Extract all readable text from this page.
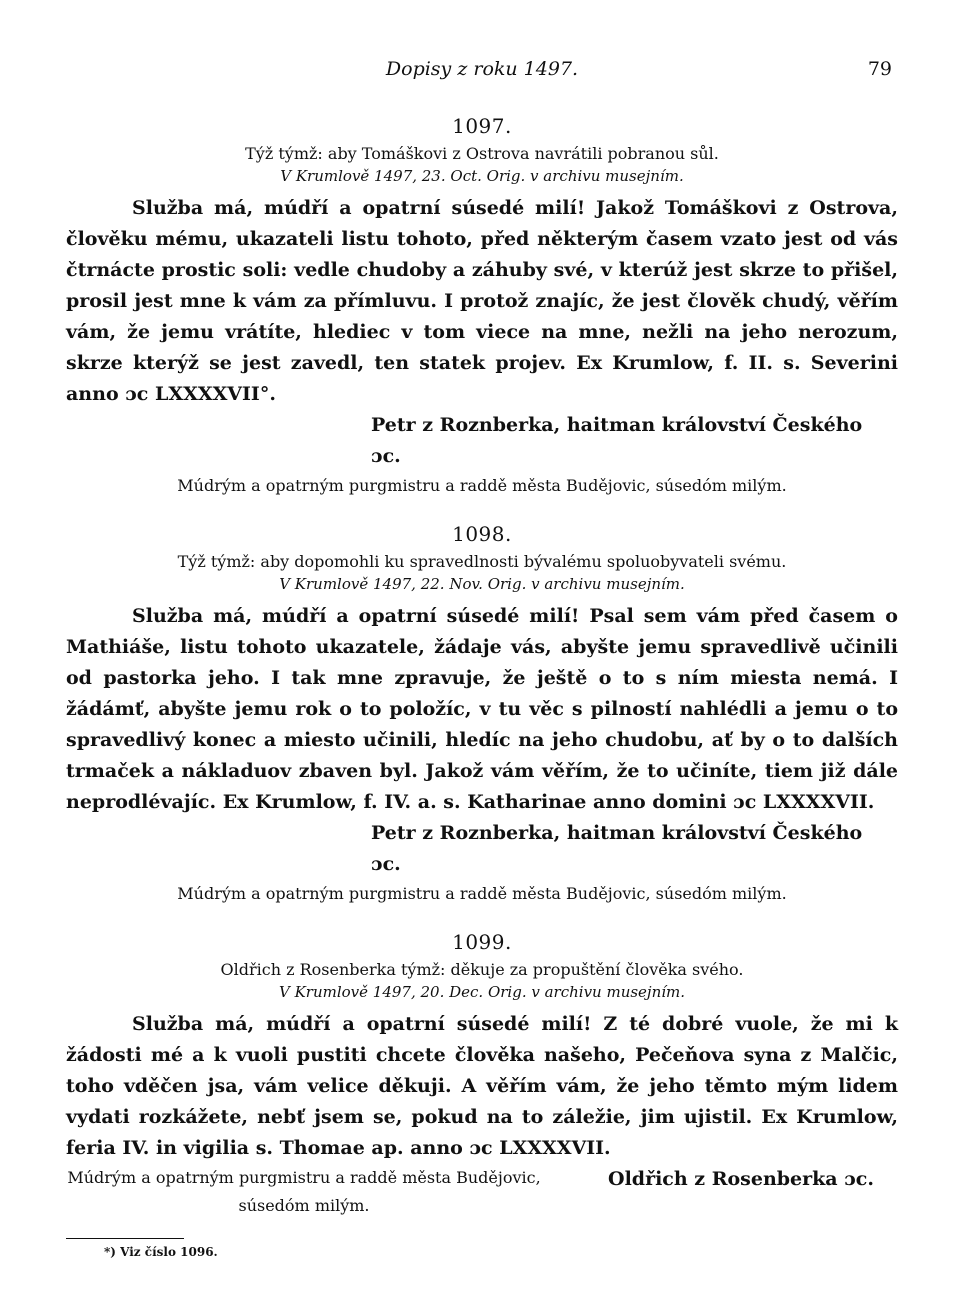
Dopisy z roku 1497.	79
1097.
Týž týmž: aby Tomáškovi z Ostrova navrátili pobranou sůl.
V Krumlově 1497, 23. Oct. Orig. v archivu musejním.

Služba má, múdří a opatrní súsedé milí! Jakož Tomáškovi z Ostrova, člověku mému, ukazateli listu tohoto, před některým časem vzato jest od vás čtrnácte prostic soli: vedle chudoby a záhuby své, v kterúž jest skrze to přišel, prosil jest mne k vám za přímluvu. I protož znajíc, že jest člověk chudý, věřím vám, že jemu vrátíte, hlediec v tom viece na mne, nežli na jeho nerozum, skrze kterýž se jest zavedl, ten statek projev. Ex Krumlow, f. II. s. Severini anno ɔc LXXXXVII°.

Petr z Roznberka, haitman království Českého ɔc.
Múdrým a opatrným purgmistru a raddě města Budějovic, súsedóm milým.
1098.
Týž týmž: aby dopomohli ku spravedlnosti bývalému spoluobyvateli svému.
V Krumlově 1497, 22. Nov. Orig. v archivu musejním.

Služba má, múdří a opatrní súsedé milí! Psal sem vám před časem o Mathiáše, listu tohoto ukazatele, žádaje vás, abyšte jemu spravedlivě učinili od pastorka jeho. I tak mne zpravuje, že ještě o to s ním miesta nemá. I žádámť, abyšte jemu rok o to položíc, v tu věc s pilností nahlédli a jemu o to spravedlivý konec a miesto učinili, hledíc na jeho chudobu, ať by o to dalších trmaček a nákladuov zbaven byl. Jakož vám věřím, že to učiníte, tiem již dále neprodlévajíc. Ex Krumlow, f. IV. a. s. Katharinae anno domini ɔc LXXXXVII.

Petr z Roznberka, haitman království Českého ɔc.
Múdrým a opatrným purgmistru a raddě města Budějovic, súsedóm milým.
1099.
Oldřich z Rosenberka týmž: děkuje za propuštění člověka svého.
V Krumlově 1497, 20. Dec. Orig. v archivu musejním.

Služba má, múdří a opatrní súsedé milí! Z té dobré vuole, že mi k žádosti mé a k vuoli pustiti chcete člověka našeho, Pečeňova syna z Malčic, toho vděčen jsa, vám velice děkuji. A věřím vám, že jeho těmto mým lidem vydati rozkážete, nebť jsem se, pokud na to záležie, jim ujistil. Ex Krumlow, feria IV. in vigilia s. Thomae ap. anno ɔc LXXXXVII.
Oldřich z Rosenberka ɔc.

Múdrým a opatrným purgmistru a raddě města Budějovic, súsedóm milým.
*) Viz číslo 1096.
